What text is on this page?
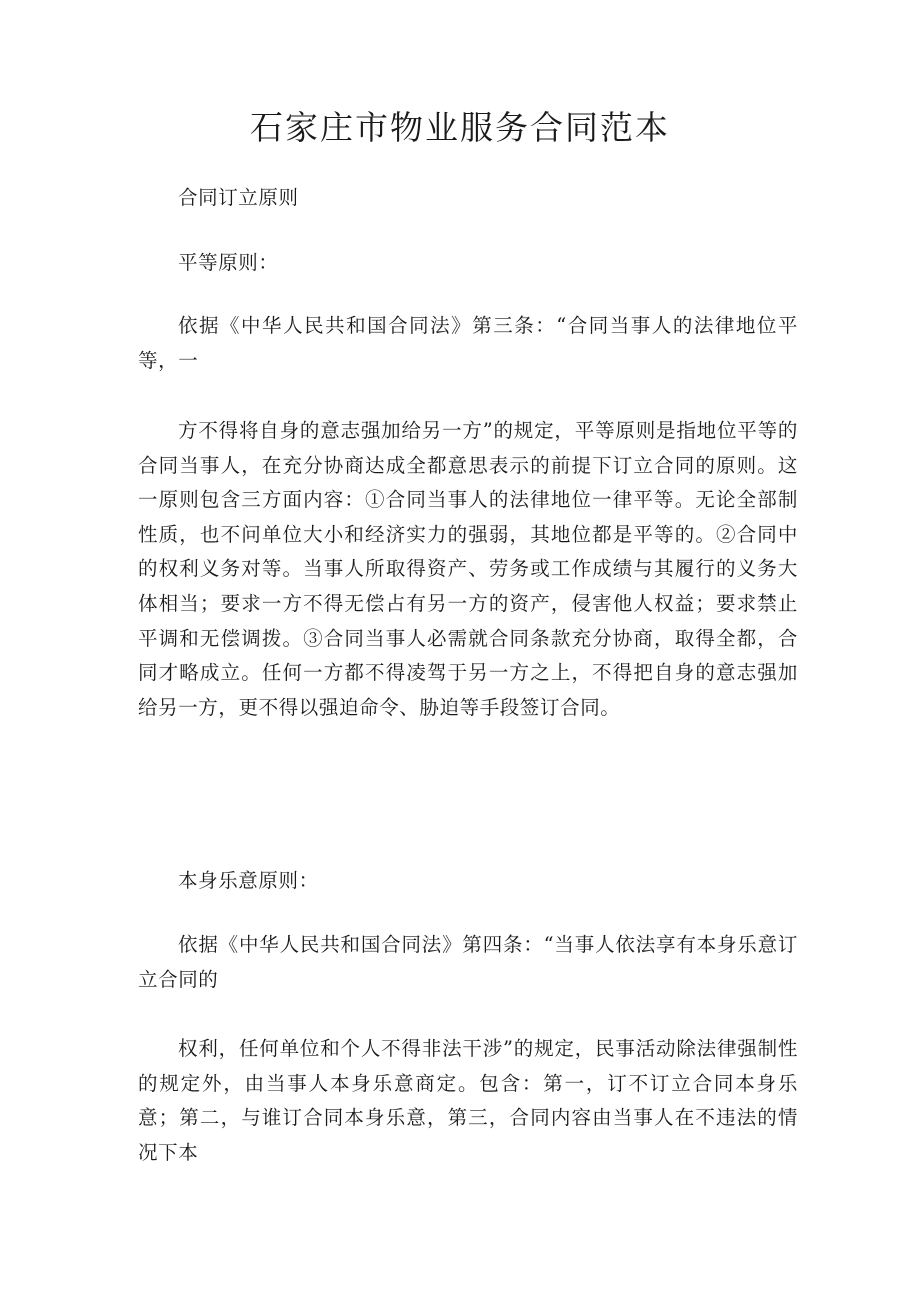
石家庄市物业服务合同范本

合同订立原则

平等原则：

依据《中华人民共和国合同法》第三条：“合同当事人的法律地位平等，一

方不得将自身的意志强加给另一方”的规定，平等原则是指地位平等的合同当事人，在充分协商达成全都意思表示的前提下订立合同的原则。这一原则包含三方面内容：①合同当事人的法律地位一律平等。无论全部制性质，也不问单位大小和经济实力的强弱，其地位都是平等的。②合同中的权利义务对等。当事人所取得资产、劳务或工作成绩与其履行的义务大体相当；要求一方不得无偿占有另一方的资产，侵害他人权益；要求禁止平调和无偿调拨。③合同当事人必需就合同条款充分协商，取得全都，合同才略成立。任何一方都不得凌驾于另一方之上，不得把自身的意志强加给另一方，更不得以强迫命令、胁迫等手段签订合同。

本身乐意原则：

依据《中华人民共和国合同法》第四条：“当事人依法享有本身乐意订立合同的

权利，任何单位和个人不得非法干涉”的规定，民事活动除法律强制性的规定外，由当事人本身乐意商定。包含：第一，订不订立合同本身乐意；第二，与谁订合同本身乐意，第三，合同内容由当事人在不违法的情况下本
